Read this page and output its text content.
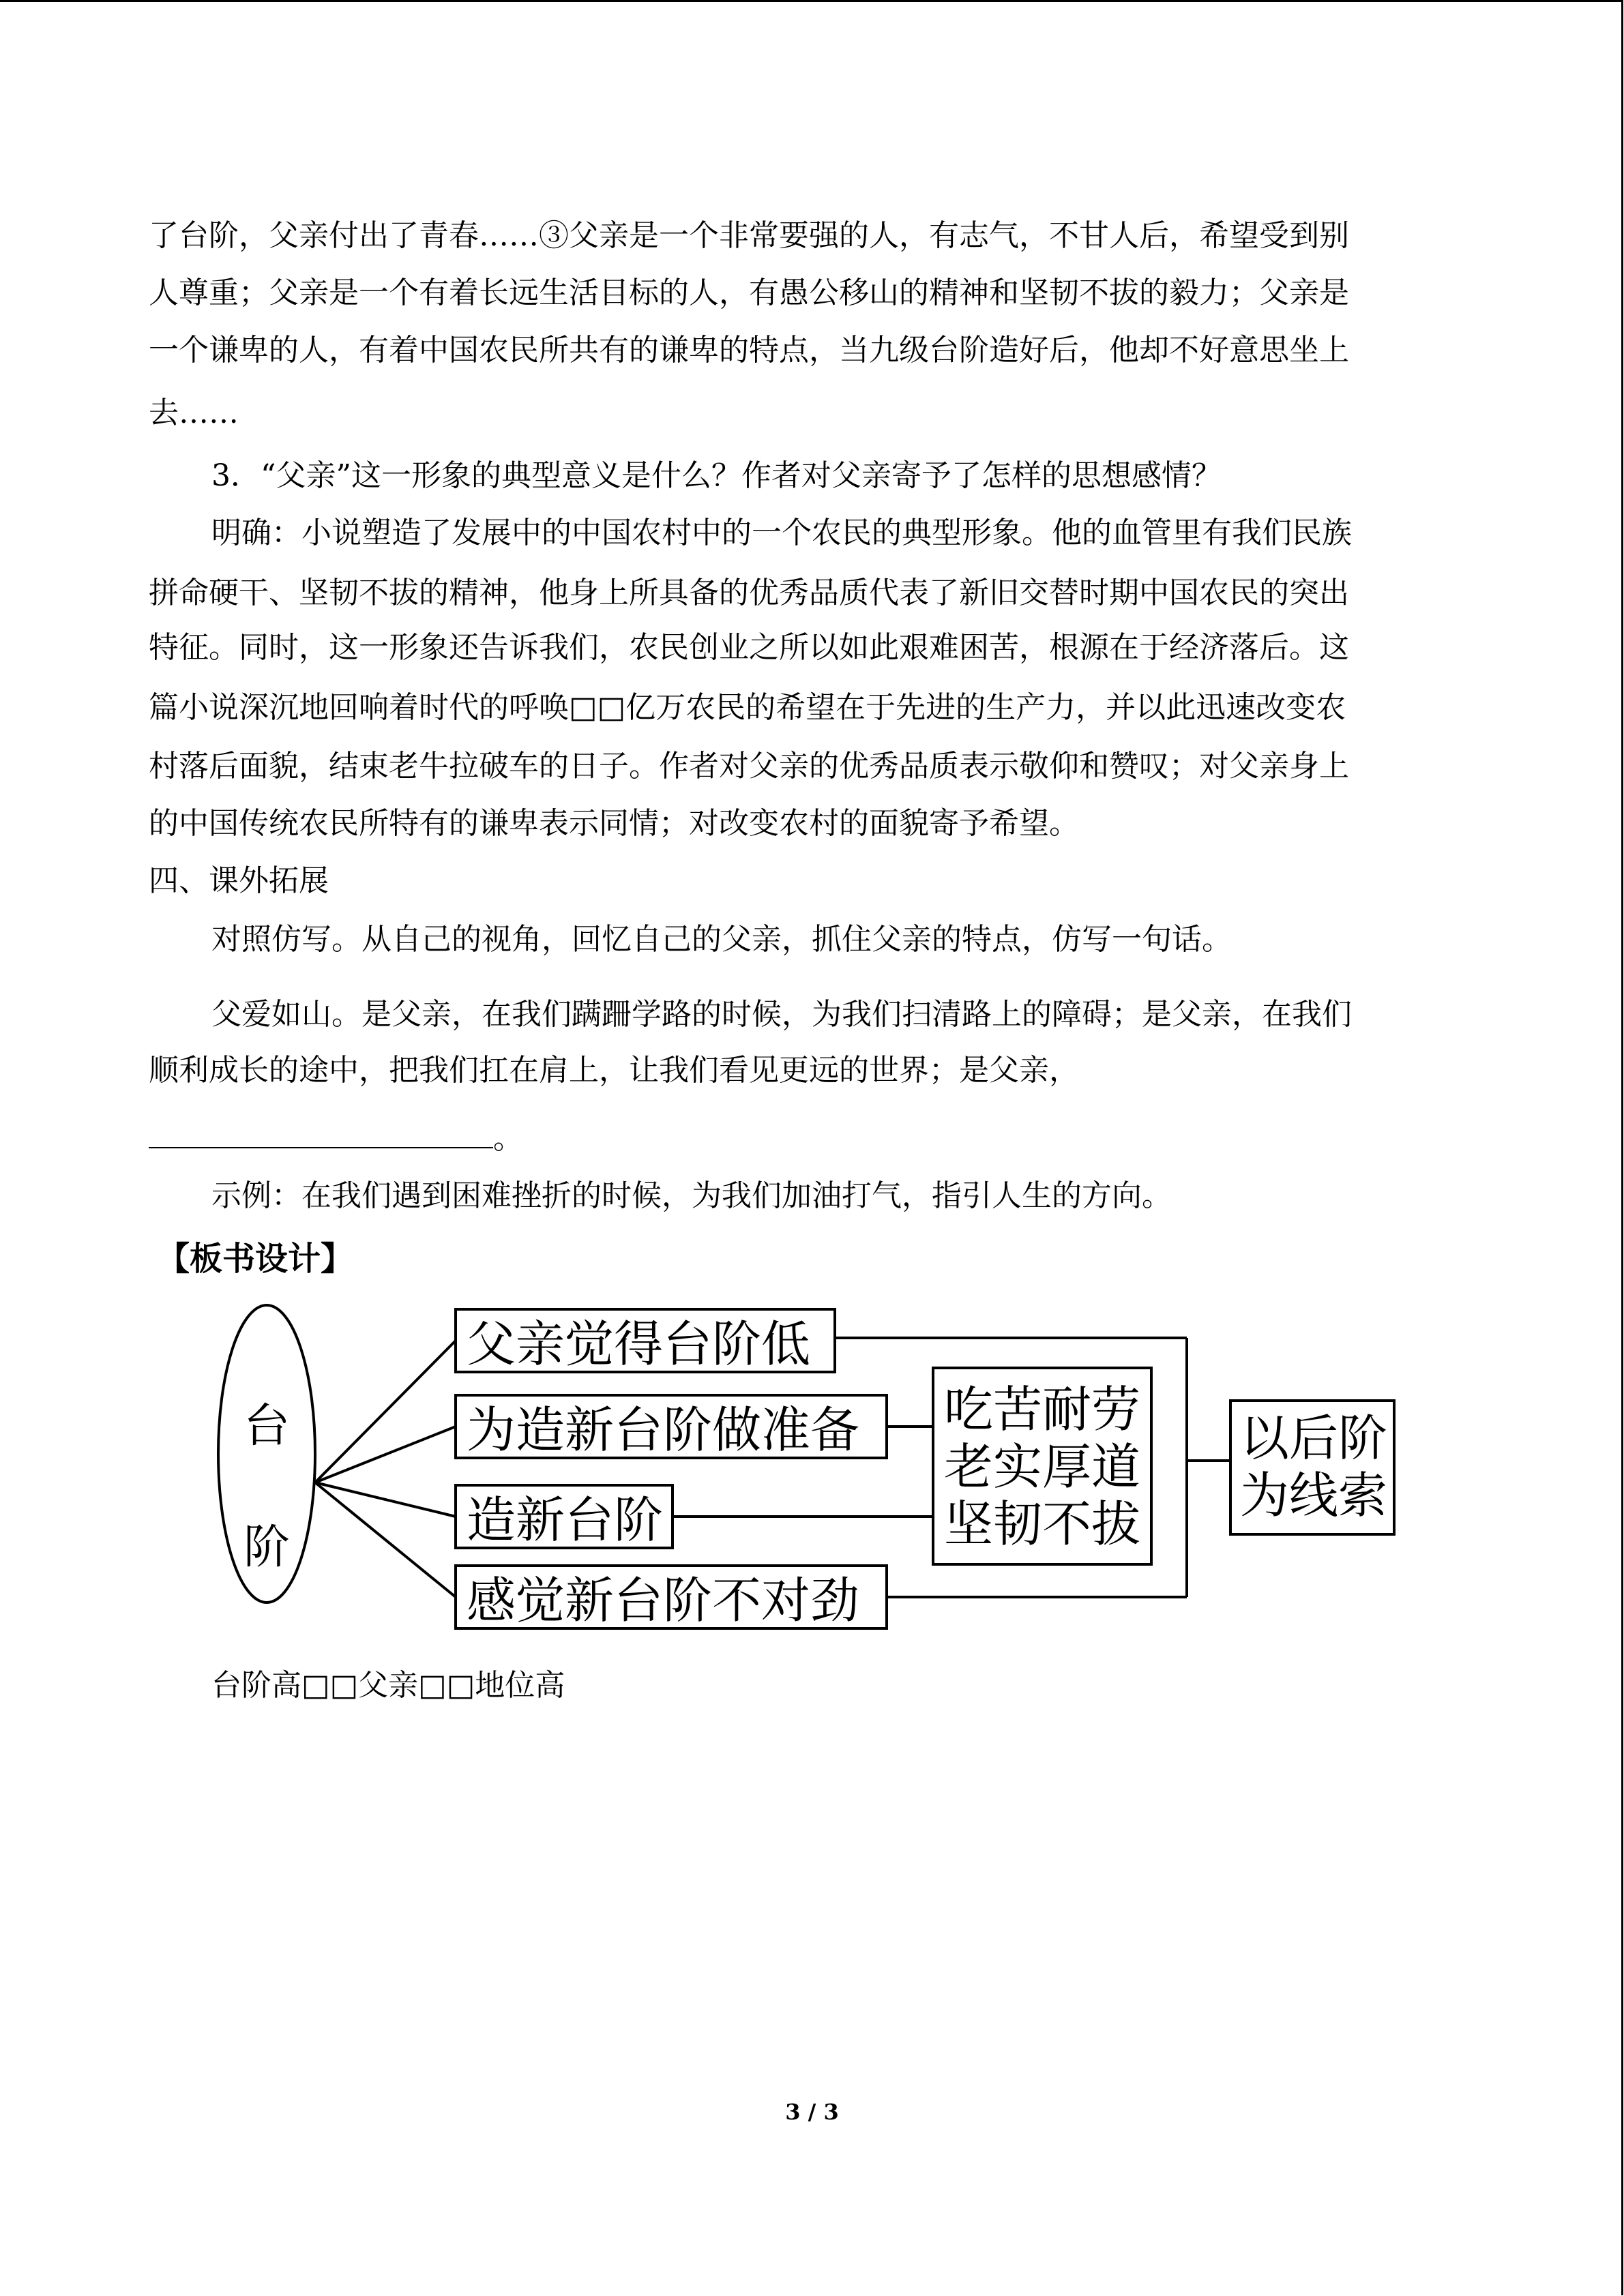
了台阶，父亲付出了青春……③父亲是一个非常要强的人，有志气，不甘人后，希望受到别
人尊重；父亲是一个有着长远生活目标的人，有愚公移山的精神和坚韧不拔的毅力；父亲是
一个谦卑的人，有着中国农民所共有的谦卑的特点，当九级台阶造好后，他却不好意思坐上
去……
3．“父亲”这一形象的典型意义是什么？作者对父亲寄予了怎样的思想感情？
明确：小说塑造了发展中的中国农村中的一个农民的典型形象。他的血管里有我们民族
拼命硬干、坚韧不拔的精神，他身上所具备的优秀品质代表了新旧交替时期中国农民的突出
特征。同时，这一形象还告诉我们，农民创业之所以如此艰难困苦，根源在于经济落后。这
篇小说深沉地回响着时代的呼唤□□亿万农民的希望在于先进的生产力，并以此迅速改变农
村落后面貌，结束老牛拉破车的日子。作者对父亲的优秀品质表示敬仰和赞叹；对父亲身上
的中国传统农民所特有的谦卑表示同情；对改变农村的面貌寄予希望。
四、课外拓展
对照仿写。从自己的视角，回忆自己的父亲，抓住父亲的特点，仿写一句话。
父爱如山。是父亲，在我们蹒跚学路的时候，为我们扫清路上的障碍；是父亲，在我们
顺利成长的途中，把我们扛在肩上，让我们看见更远的世界；是父亲，
。
示例：在我们遇到困难挫折的时候，为我们加油打气，指引人生的方向。
【板书设计】
台阶高□□父亲□□地位高
台
阶
父亲觉得台阶低
为造新台阶做准备
造新台阶
感觉新台阶不对劲
吃苦耐劳
老实厚道
坚韧不拔
以后阶
为线索
3 / 3
